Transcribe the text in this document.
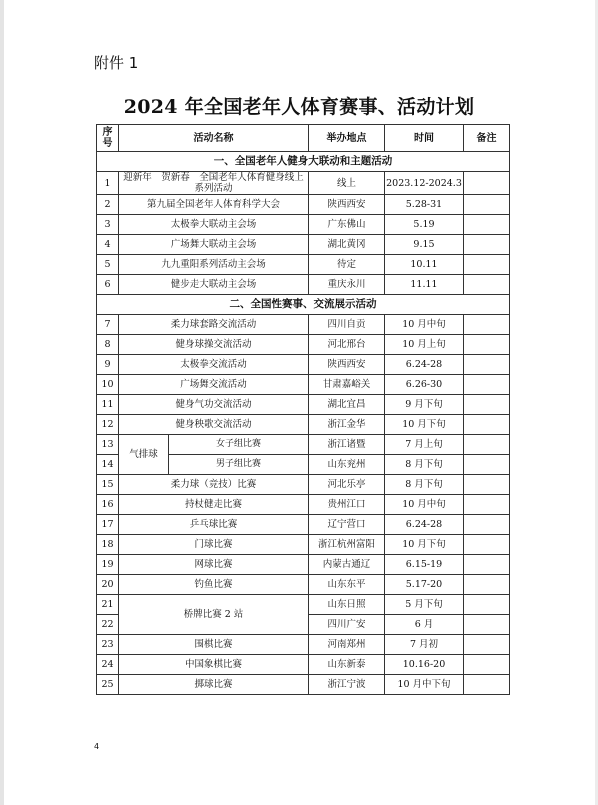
附件 1
2024 年全国老年人体育赛事、活动计划
序
号	活动名称		举办地点	时间	备注
一、全国老年人健身大联动和主题活动					
1	迎新年　贺新春　全国老年人体育健身线上系列活动		线上	2023.12-2024.3	
2	第九届全国老年人体育科学大会		陕西西安	5.28-31	
3	太极拳大联动主会场		广东佛山	5.19	
4	广场舞大联动主会场		湖北黄冈	9.15	
5	九九重阳系列活动主会场		待定	10.11	
6	健步走大联动主会场		重庆永川	11.11	
二、全国性赛事、交流展示活动					
7	柔力球套路交流活动		四川自贡	10 月中旬	
8	健身球操交流活动		河北邢台	10 月上旬	
9	太极拳交流活动		陕西西安	6.24-28	
10	广场舞交流活动		甘肃嘉峪关	6.26-30	
11	健身气功交流活动		湖北宜昌	9 月下旬	
12	健身秧歌交流活动		浙江金华	10 月下旬	
13	气排球	女子组比赛	浙江诸暨	7 月上旬	
14		男子组比赛	山东兖州	8 月下旬	
15	柔力球（竞技）比赛		河北乐亭	8 月下旬	
16	持杖健走比赛		贵州江口	10 月中旬	
17	乒乓球比赛		辽宁营口	6.24-28	
18	门球比赛		浙江杭州富阳	10 月下旬	
19	网球比赛		内蒙古通辽	6.15-19	
20	钓鱼比赛		山东东平	5.17-20	
21	桥牌比赛 2 站		山东日照	5 月下旬	
22			四川广安	6 月	
23	围棋比赛		河南郑州	7 月初	
24	中国象棋比赛		山东新泰	10.16-20	
25	掷球比赛		浙江宁波	10 月中下旬	
4
